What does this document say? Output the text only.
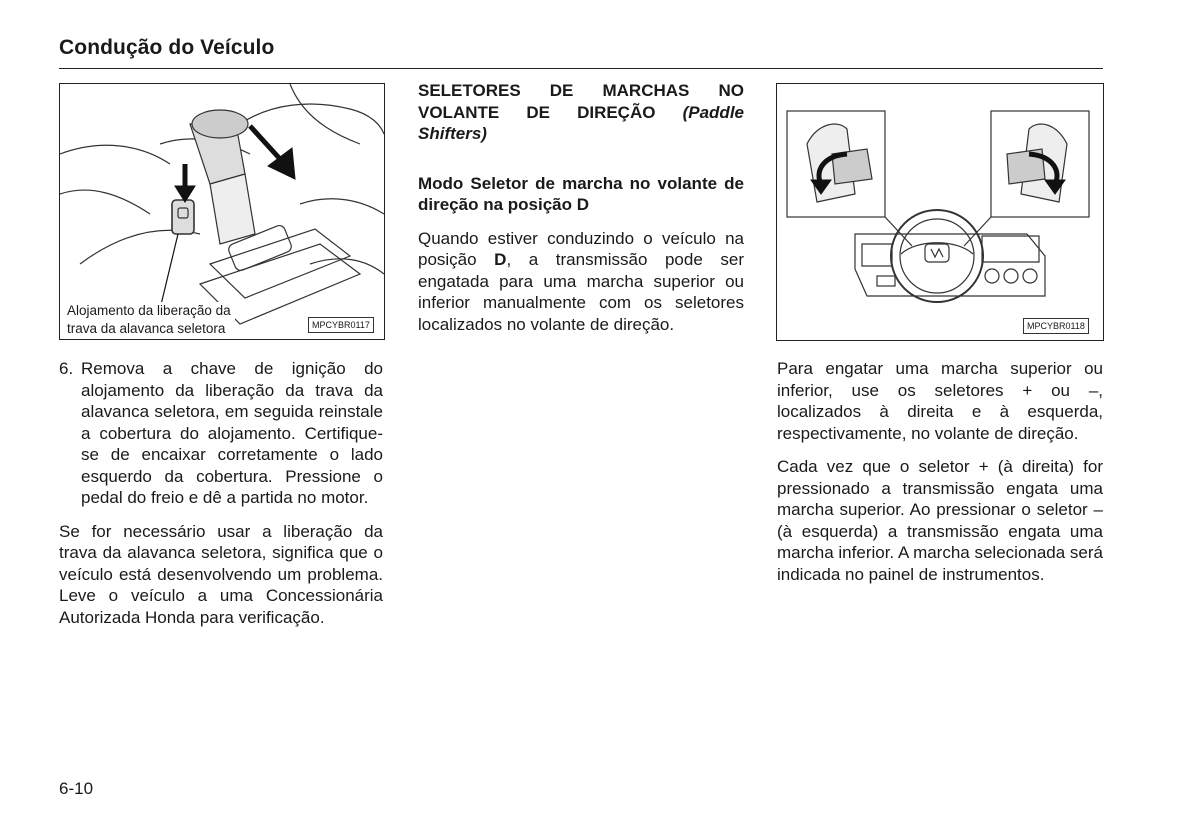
Condução do Veículo
Alojamento da liberação da
trava da alavanca seletora	MPCYBR0117
6. Remova a chave de ignição do alojamento da liberação da trava da alavanca seletora, em seguida reinstale a cobertura do alojamento. Certifique-se de encaixar corretamente o lado esquerdo da cobertura. Pressione o pedal do freio e dê a partida no motor.

Se for necessário usar a liberação da trava da alavanca seletora, significa que o veículo está desenvolvendo um problema. Leve o veículo a uma Concessionária Autorizada Honda para verificação.

SELETORES DE MARCHAS NO VOLANTE DE DIREÇÃO (Paddle Shifters)

Modo Seletor de marcha no volante de direção na posição D

Quando estiver conduzindo o veículo na posição D, a transmissão pode ser engatada para uma marcha superior ou inferior manualmente com os seletores localizados no volante de direção.	MPCYBR0118

Para engatar uma marcha superior ou inferior, use os seletores + ou –, localizados à direita e à esquerda, respectivamente, no volante de direção.

Cada vez que o seletor + (à direita) for pressionado a transmissão engata uma marcha superior. Ao pressionar o seletor – (à esquerda) a transmissão engata uma marcha inferior. A marcha selecionada será indicada no painel de instrumentos.

6-10
